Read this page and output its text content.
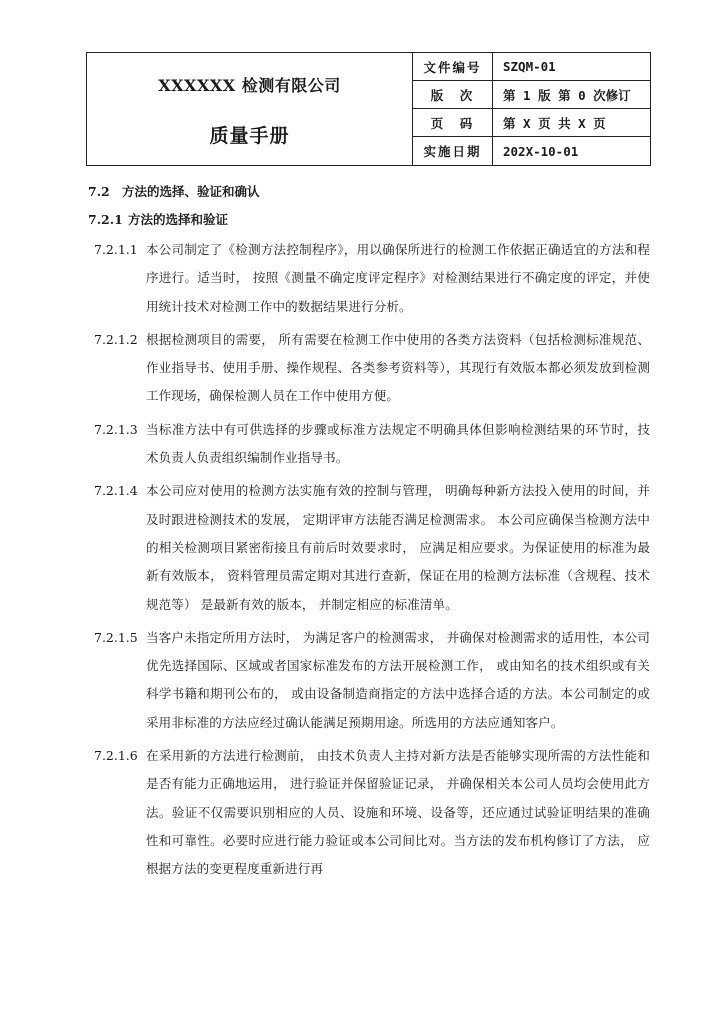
XXXXXX 检测有限公司
质量手册
文件编号	SZQM-01
版　次	第 1 版 第 0 次修订
页　码	第 X 页 共 X 页
实施日期	202X-10-01
7.2 方法的选择、验证和确认
7.2.1 方法的选择和验证
7.2.1.1 本公司制定了《检测方法控制程序》，用以确保所进行的检测工作依据正确适宜的方法和程序进行。适当时， 按照《测量不确定度评定程序》对检测结果进行不确定度的评定，并使用统计技术对检测工作中的数据结果进行分析。
7.2.1.2 根据检测项目的需要， 所有需要在检测工作中使用的各类方法资料（包括检测标准规范、作业指导书、使用手册、操作规程、各类参考资料等），其现行有效版本都必须发放到检测工作现场，确保检测人员在工作中使用方便。
7.2.1.3 当标准方法中有可供选择的步骤或标准方法规定不明确具体但影响检测结果的环节时，技术负责人负责组织编制作业指导书。
7.2.1.4 本公司应对使用的检测方法实施有效的控制与管理， 明确每种新方法投入使用的时间，并及时跟进检测技术的发展， 定期评审方法能否满足检测需求。 本公司应确保当检测方法中的相关检测项目紧密衔接且有前后时效要求时， 应满足相应要求。为保证使用的标准为最新有效版本， 资料管理员需定期对其进行查新，保证在用的检测方法标准（含规程、技术规范等） 是最新有效的版本， 并制定相应的标准清单。
7.2.1.5 当客户未指定所用方法时， 为满足客户的检测需求， 并确保对检测需求的适用性，本公司优先选择国际、区域或者国家标准发布的方法开展检测工作， 或由知名的技术组织或有关科学书籍和期刊公布的， 或由设备制造商指定的方法中选择合适的方法。本公司制定的或采用非标准的方法应经过确认能满足预期用途。所选用的方法应通知客户。
7.2.1.6 在采用新的方法进行检测前， 由技术负责人主持对新方法是否能够实现所需的方法性能和是否有能力正确地运用， 进行验证并保留验证记录， 并确保相关本公司人员均会使用此方法。验证不仅需要识别相应的人员、设施和环境、设备等，还应通过试验证明结果的准确性和可靠性。必要时应进行能力验证或本公司间比对。当方法的发布机构修订了方法， 应根据方法的变更程度重新进行再
